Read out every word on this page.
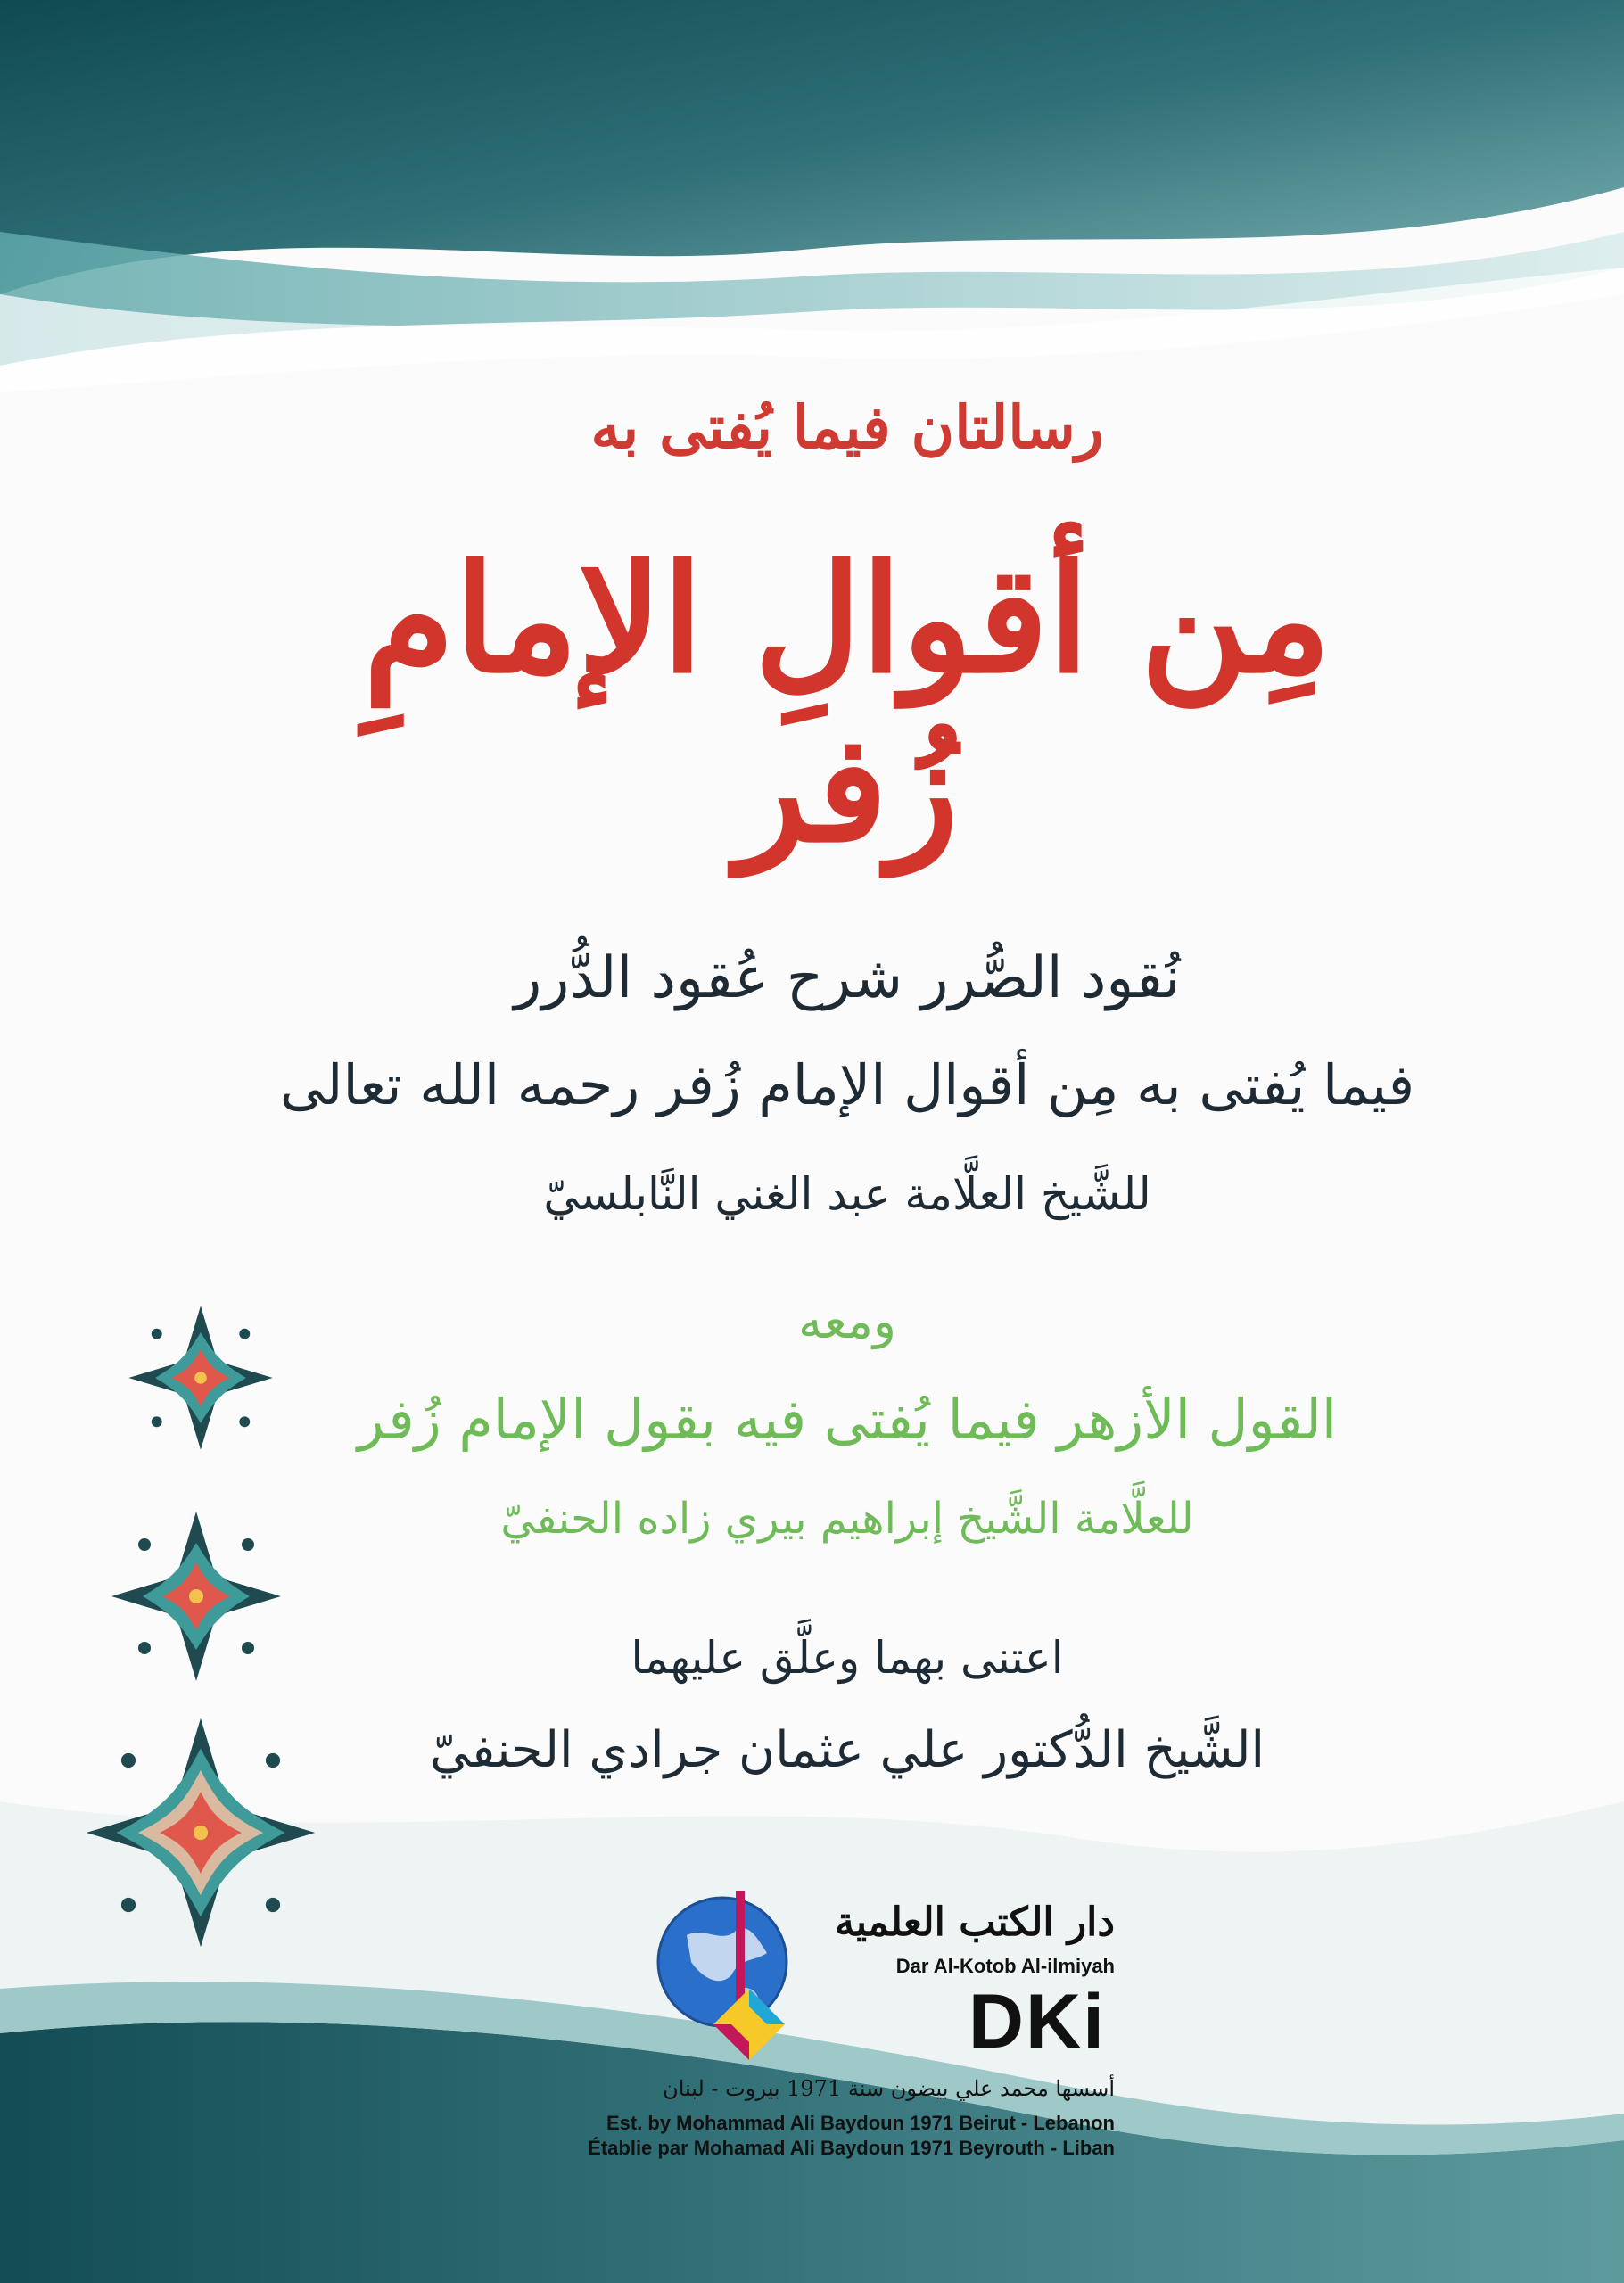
رسالتان فيما يُفتى به
مِن أقوالِ الإمامِ زُفر
نُقود الصُّرر شرح عُقود الدُّرر
فيما يُفتى به مِن أقوال الإمام زُفر رحمه الله تعالى
للشَّيخ العلَّامة عبد الغني النَّابلسيّ
ومعه
القول الأزهر فيما يُفتى فيه بقول الإمام زُفر
للعلَّامة الشَّيخ إبراهيم بيري زاده الحنفيّ
اعتنى بهما وعلَّق عليهما
الشَّيخ الدُّكتور علي عثمان جرادي الحنفيّ
دار الكتب العلمية
Dar Al-Kotob Al-ilmiyah
DKi
أسسها محمد علي بيضون سنة 1971 بيروت - لبنان
Est. by Mohammad Ali Baydoun 1971 Beirut - Lebanon
Établie par Mohamad Ali Baydoun 1971 Beyrouth - Liban
